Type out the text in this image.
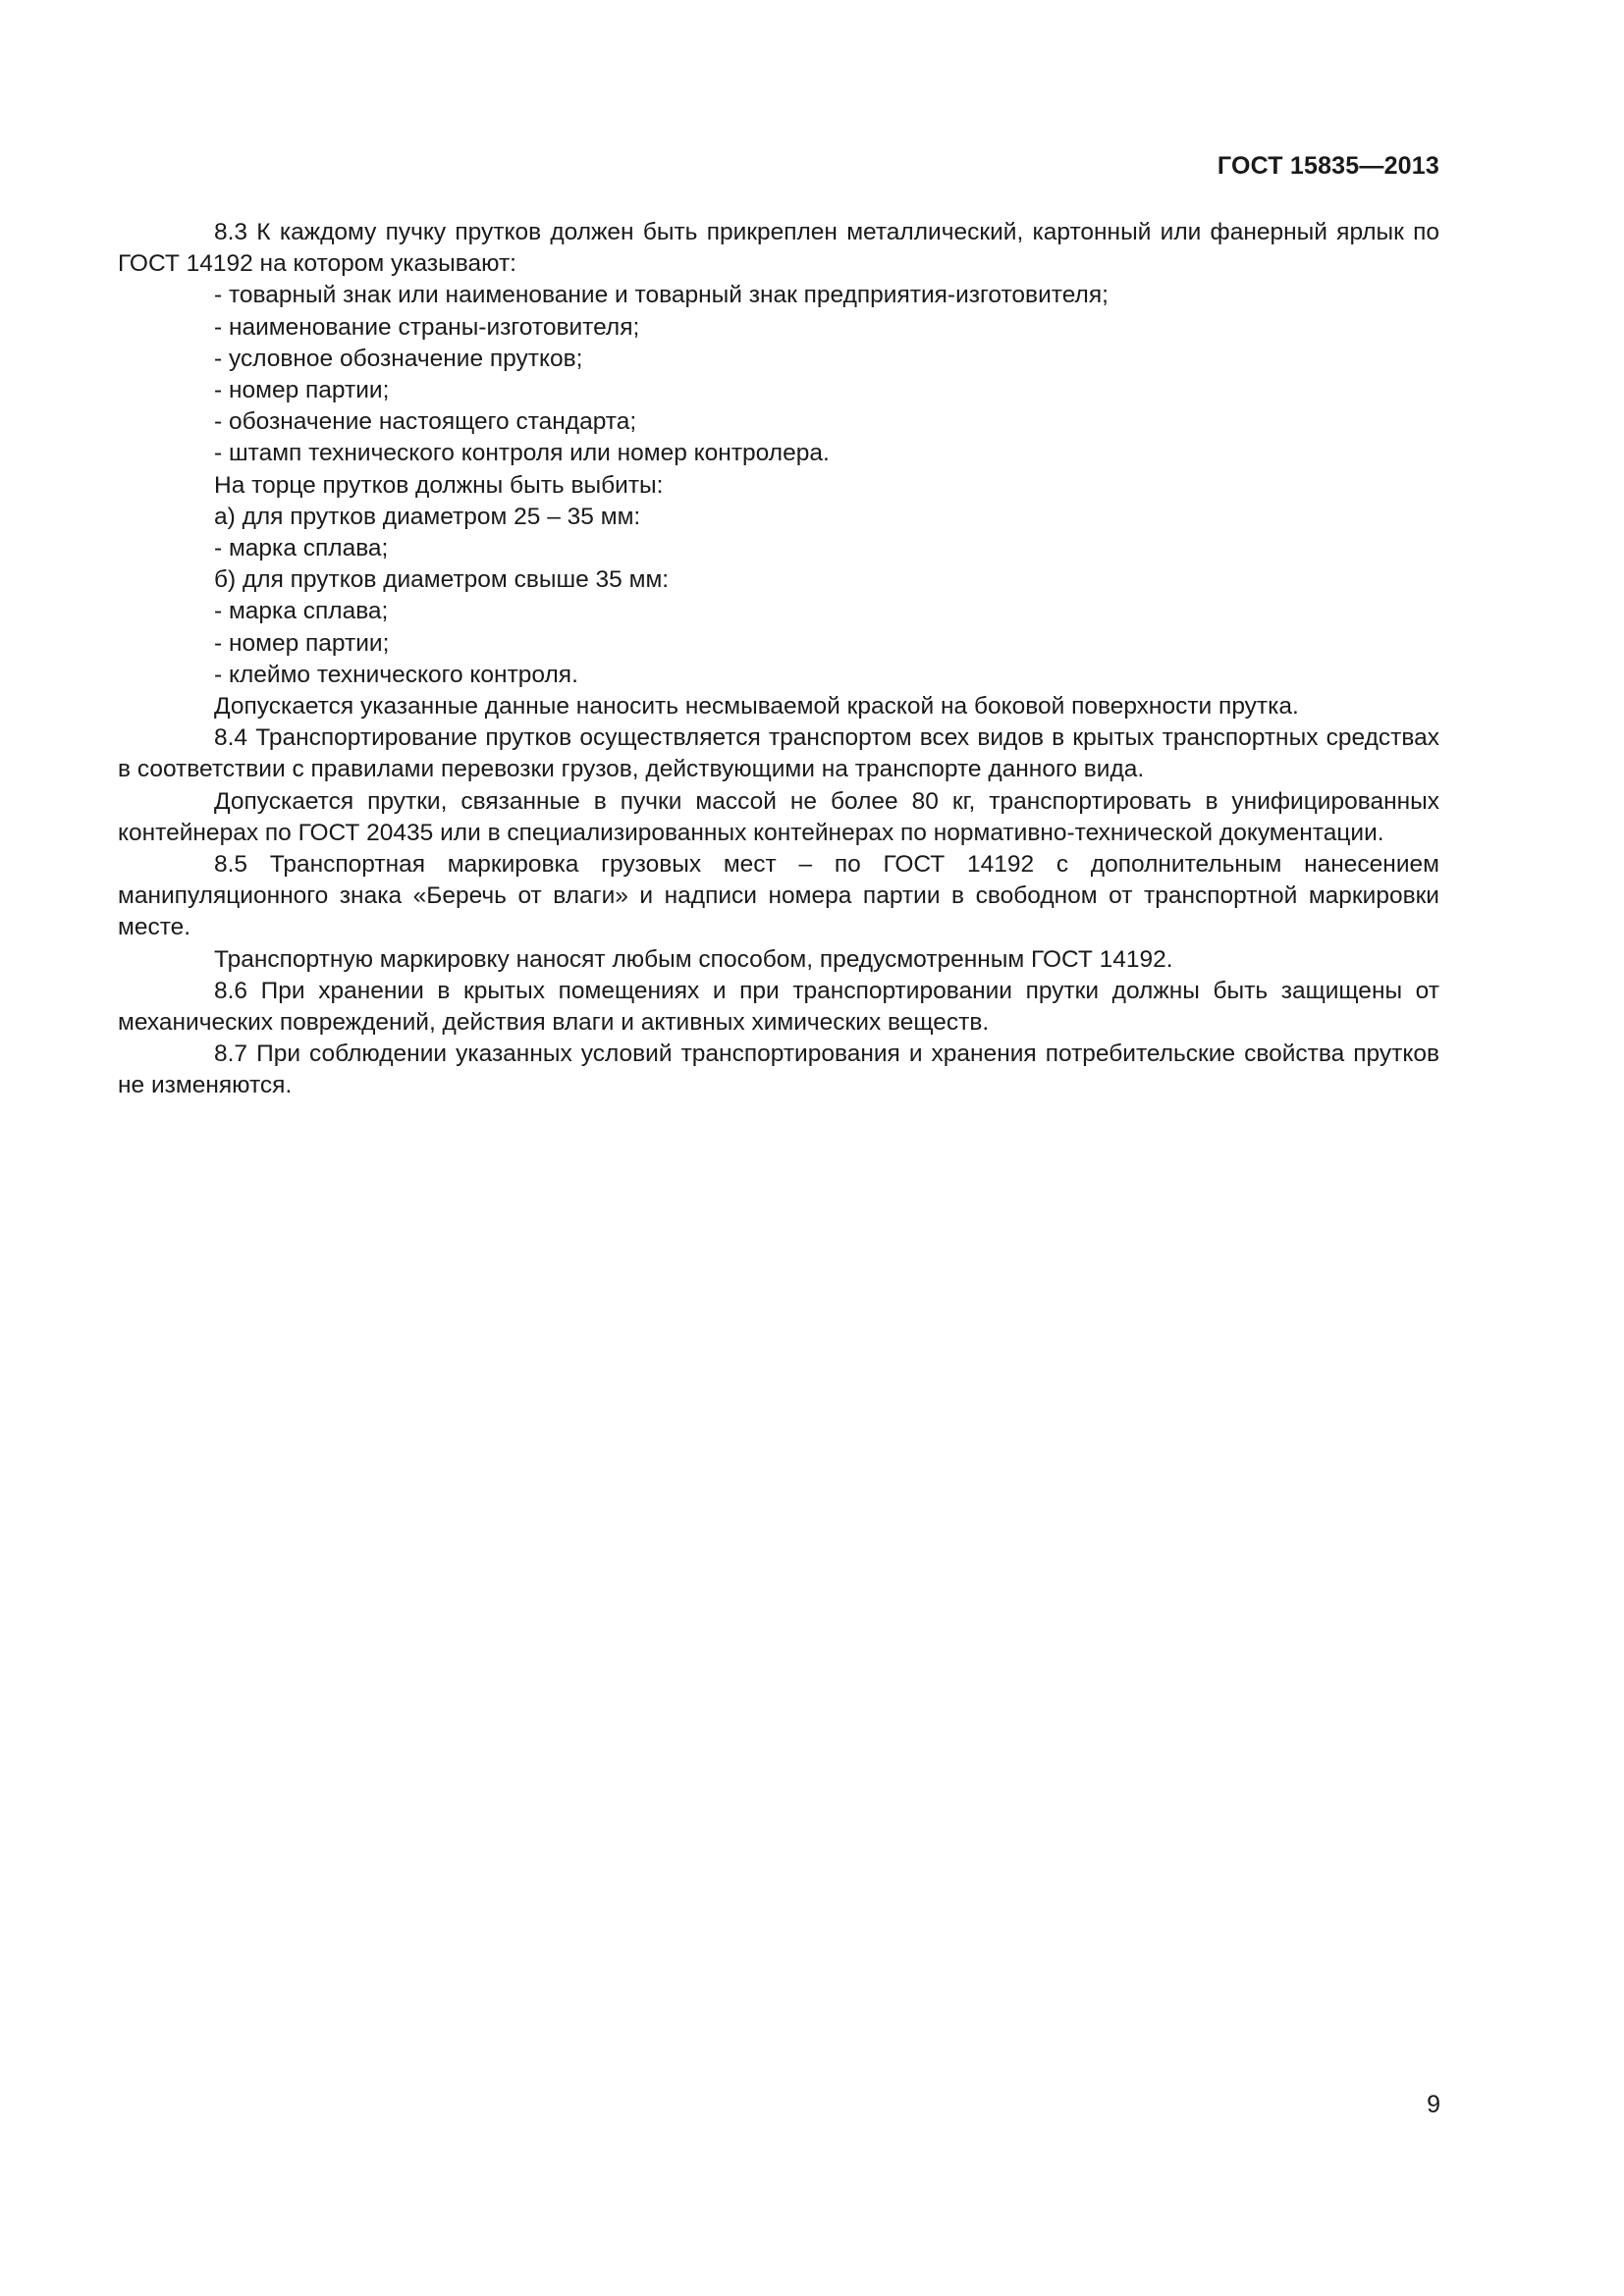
ГОСТ 15835—2013

8.3 К каждому пучку прутков должен быть прикреплен металлический, картонный или фанерный ярлык по ГОСТ 14192 на котором указывают:

- товарный знак или наименование и товарный знак предприятия-изготовителя;

- наименование страны-изготовителя;

- условное обозначение прутков;

- номер партии;

- обозначение настоящего стандарта;

- штамп технического контроля или номер контролера.

На торце прутков должны быть выбиты:

а) для прутков диаметром 25 – 35 мм:

- марка сплава;

б) для прутков диаметром свыше 35 мм:

- марка сплава;

- номер партии;

- клеймо технического контроля.

Допускается указанные данные наносить несмываемой краской на боковой поверхности прутка.

8.4 Транспортирование прутков осуществляется транспортом всех видов в крытых транспортных средствах в соответствии с правилами перевозки грузов, действующими на транспорте данного вида.

Допускается прутки, связанные в пучки массой не более 80 кг, транспортировать в унифицированных контейнерах по ГОСТ 20435 или в специализированных контейнерах по нормативно-технической документации.

8.5 Транспортная маркировка грузовых мест – по ГОСТ 14192 с дополнительным нанесением манипуляционного знака «Беречь от влаги» и надписи номера партии в свободном от транспортной маркировки месте.

Транспортную маркировку наносят любым способом, предусмотренным ГОСТ 14192.

8.6 При хранении в крытых помещениях и при транспортировании прутки должны быть защищены от механических повреждений, действия влаги и активных химических веществ.

8.7 При соблюдении указанных условий транспортирования и хранения потребительские свойства прутков не изменяются.

9
